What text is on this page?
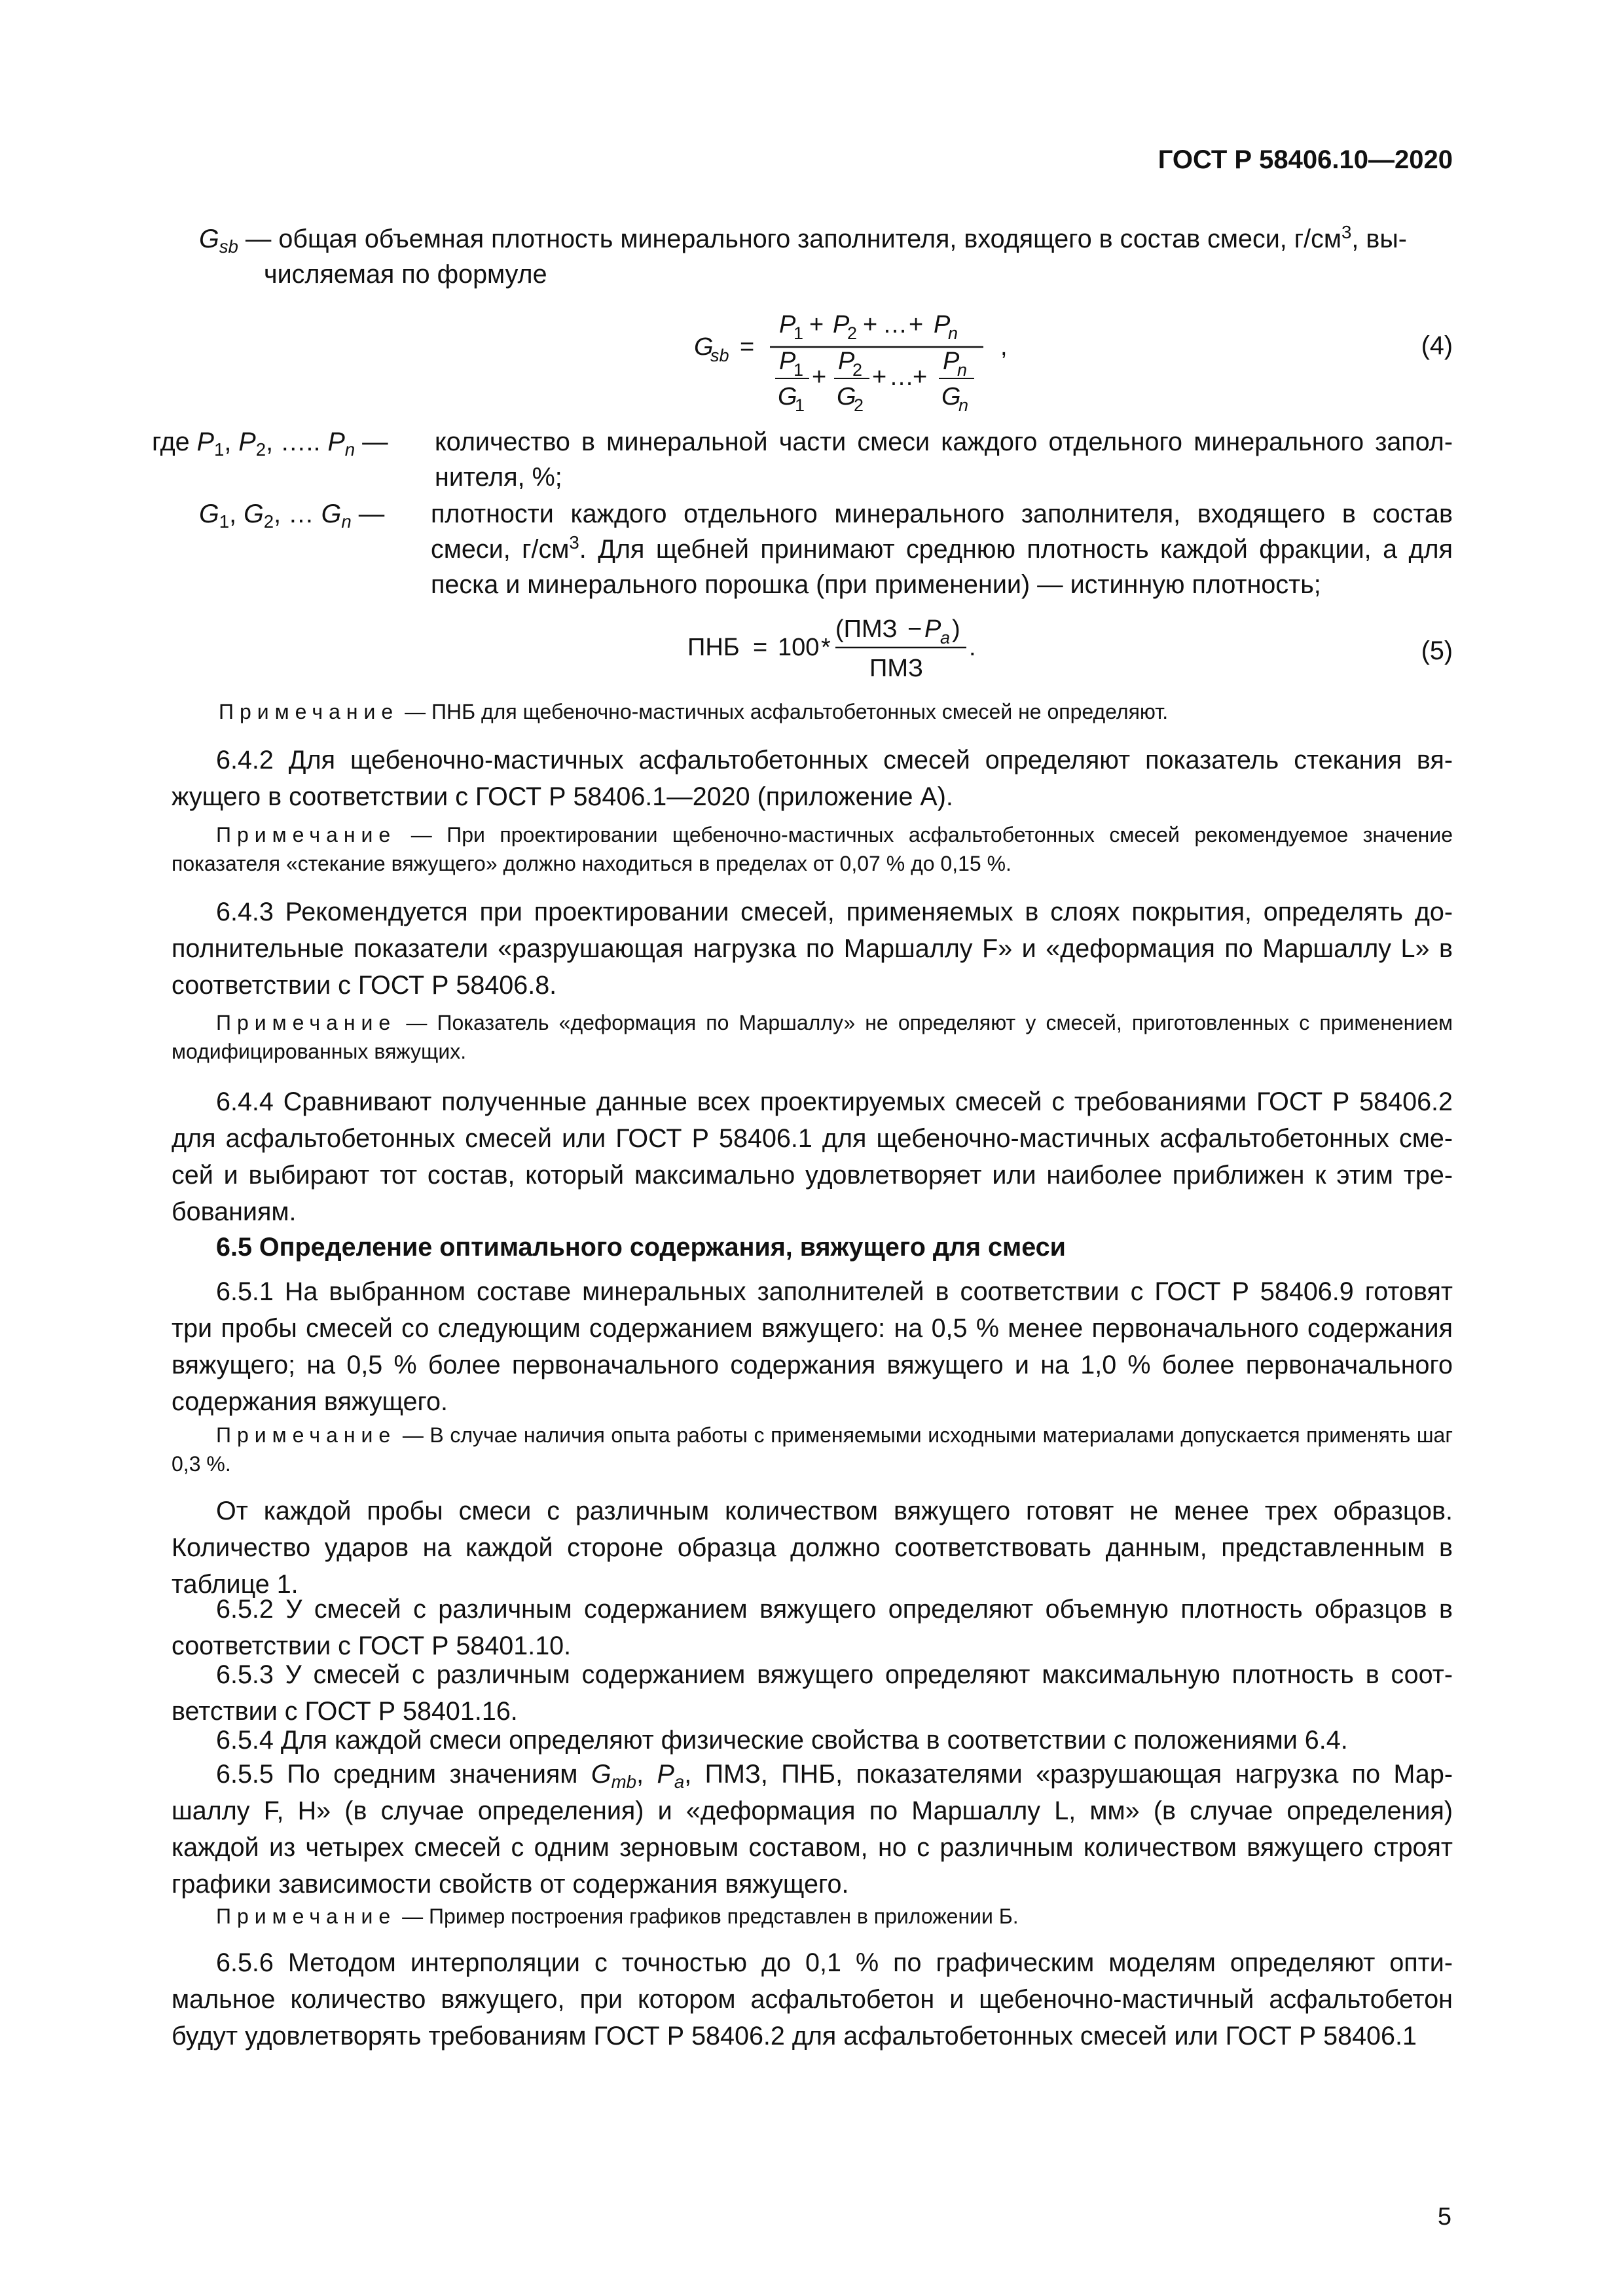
ГОСТ Р 58406.10—2020
$G_{sb}$ — общая объемная плотность минерального заполнителя, входящего в состав смеси, $г/см^3$, вы-
числяемая по формуле
G
sb =
P
1 + P
2 + … + P
n
P
1
G
1
+
P
2
G
2
+ …
+
P
n
G
n
,	(4)
где $P_1$, $P_2$, ….. $P_n$ — количество в минеральной части смеси каждого отдельного минерального запол-нителя, %;
$G_1$, $G_2$, … $G_n$ — плотности каждого отдельного минерального заполнителя, входящего в состав смеси, $г/см^3$. Для щебней принимают среднюю плотность каждой фракции, а для песка и минерального порошка (при применении) — истинную плотность;
ПНБ = 100 *
(ПМЗ − P
a )
ПМЗ
.	(5)
Примечание — ПНБ для щебеночно-мастичных асфальтобетонных смесей не определяют.
6.4.2 Для щебеночно-мастичных асфальтобетонных смесей определяют показатель стекания вя-жущего в соответствии с ГОСТ Р 58406.1—2020 (приложение А).
Примечание — При проектировании щебеночно-мастичных асфальтобетонных смесей рекомендуемое значение показателя «стекание вяжущего» должно находиться в пределах от 0,07 % до 0,15 %.
6.4.3 Рекомендуется при проектировании смесей, применяемых в слоях покрытия, определять до-полнительные показатели «разрушающая нагрузка по Маршаллу F» и «деформация по Маршаллу L» в соответствии с ГОСТ Р 58406.8.
Примечание — Показатель «деформация по Маршаллу» не определяют у смесей, приготовленных с применением модифицированных вяжущих.
6.4.4 Сравнивают полученные данные всех проектируемых смесей с требованиями ГОСТ Р 58406.2 для асфальтобетонных смесей или ГОСТ Р 58406.1 для щебеночно-мастичных асфальтобетонных сме-сей и выбирают тот состав, который максимально удовлетворяет или наиболее приближен к этим тре-бованиям.
6.5 Определение оптимального содержания, вяжущего для смеси
6.5.1 На выбранном составе минеральных заполнителей в соответствии с ГОСТ Р 58406.9 готовят три пробы смесей со следующим содержанием вяжущего: на 0,5 % менее первоначального содержания вяжущего; на 0,5 % более первоначального содержания вяжущего и на 1,0 % более первоначального содержания вяжущего.
Примечание — В случае наличия опыта работы с применяемыми исходными материалами допускается применять шаг 0,3 %.
От каждой пробы смеси с различным количеством вяжущего готовят не менее трех образцов. Количество ударов на каждой стороне образца должно соответствовать данным, представленным в таблице 1.
6.5.2 У смесей с различным содержанием вяжущего определяют объемную плотность образцов в соответствии с ГОСТ Р 58401.10.
6.5.3 У смесей с различным содержанием вяжущего определяют максимальную плотность в соот-ветствии с ГОСТ Р 58401.16.
6.5.4 Для каждой смеси определяют физические свойства в соответствии с положениями 6.4.
6.5.5 По средним значениям $G_{mb}$, $P_a$, ПМЗ, ПНБ, показателями «разрушающая нагрузка по Мар-шаллу F, Н» (в случае определения) и «деформация по Маршаллу L, мм» (в случае определения) каждой из четырех смесей с одним зерновым составом, но с различным количеством вяжущего строят графики зависимости свойств от содержания вяжущего.
Примечание — Пример построения графиков представлен в приложении Б.
6.5.6 Методом интерполяции с точностью до 0,1 % по графическим моделям определяют опти-мальное количество вяжущего, при котором асфальтобетон и щебеночно-мастичный асфальтобетон будут удовлетворять требованиям ГОСТ Р 58406.2 для асфальтобетонных смесей или ГОСТ Р 58406.1
5
